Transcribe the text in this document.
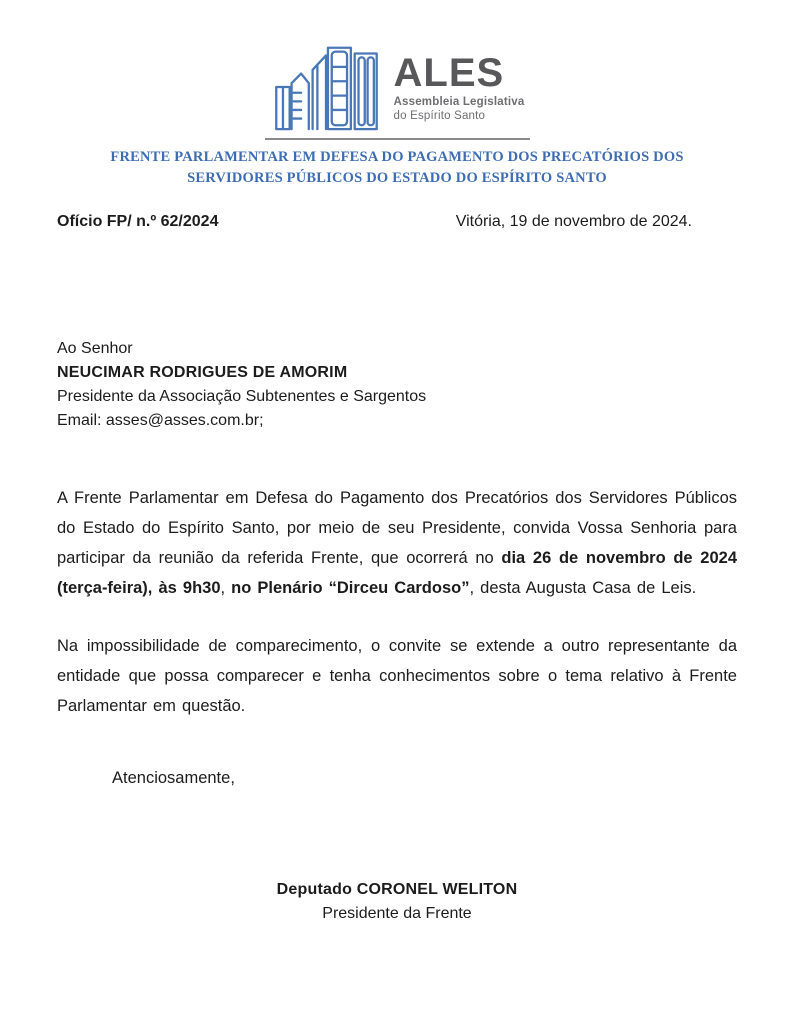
ALES
Assembleia Legislativa
do Espírito Santo
FRENTE PARLAMENTAR EM DEFESA DO PAGAMENTO DOS PRECATÓRIOS DOS
SERVIDORES PÚBLICOS DO ESTADO DO ESPÍRITO SANTO
Ofício FP/ n.º 62/2024	Vitória, 19 de novembro de 2024.
Ao Senhor
NEUCIMAR RODRIGUES DE AMORIM
Presidente da Associação Subtenentes e Sargentos
Email: asses@asses.com.br;

A Frente Parlamentar em Defesa do Pagamento dos Precatórios dos Servidores Públicos do Estado do Espírito Santo, por meio de seu Presidente, convida Vossa Senhoria para participar da reunião da referida Frente, que ocorrerá no dia 26 de novembro de 2024 (terça-feira), às 9h30, no Plenário “Dirceu Cardoso”, desta Augusta Casa de Leis.

Na impossibilidade de comparecimento, o convite se extende a outro representante da entidade que possa comparecer e tenha conhecimentos sobre o tema relativo à Frente Parlamentar em questão.

Atenciosamente,
Deputado CORONEL WELITON
Presidente da Frente
